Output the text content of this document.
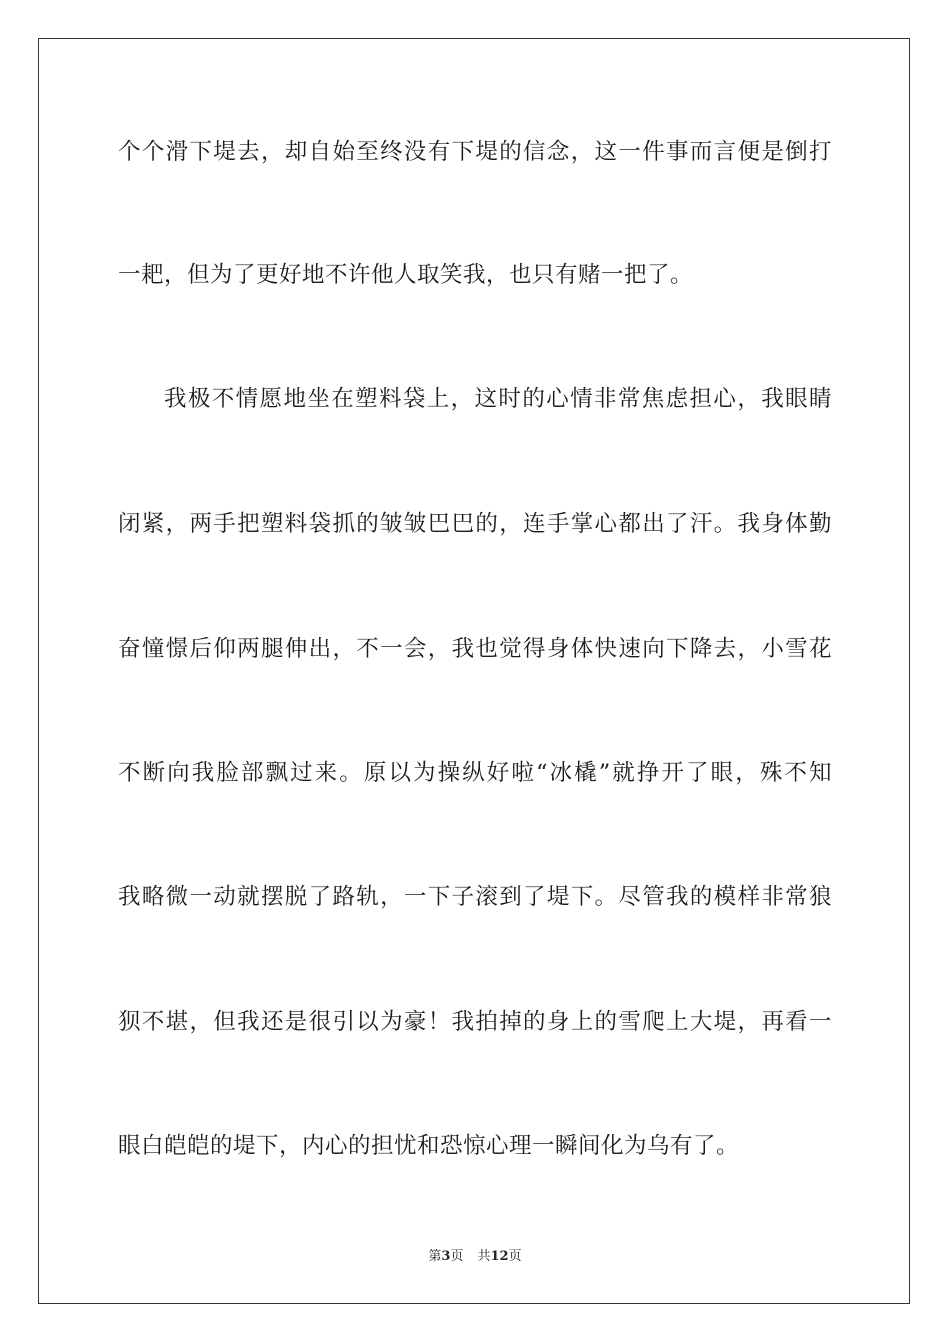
个个滑下堤去，却自始至终没有下堤的信念，这一件事而言便是倒打
一耙，但为了更好地不许他人取笑我，也只有赌一把了。
我极不情愿地坐在塑料袋上，这时的心情非常焦虑担心，我眼睛
闭紧，两手把塑料袋抓的皱皱巴巴的，连手掌心都出了汗。我身体勤
奋憧憬后仰两腿伸出，不一会，我也觉得身体快速向下降去，小雪花
不断向我脸部飘过来。原以为操纵好啦“冰橇”就挣开了眼，殊不知
我略微一动就摆脱了路轨，一下子滚到了堤下。尽管我的模样非常狼
狈不堪，但我还是很引以为豪！我拍掉的身上的雪爬上大堤，再看一
眼白皑皑的堤下，内心的担忧和恐惊心理一瞬间化为乌有了。
第3页 共12页
